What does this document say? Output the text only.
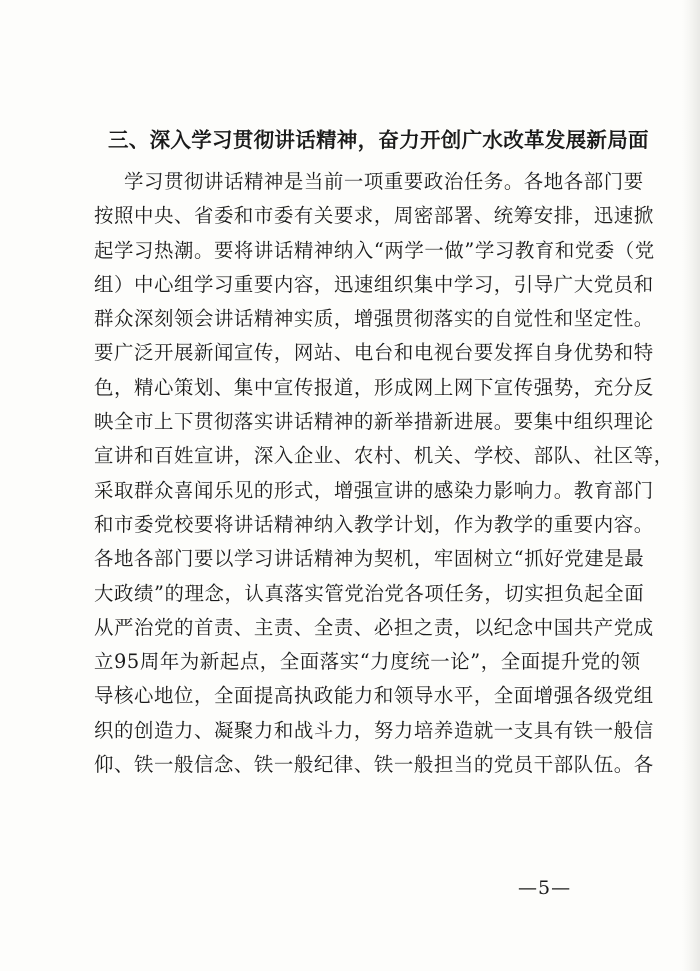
三、深入学习贯彻讲话精神，奋力开创广水改革发展新局面
学习贯彻讲话精神是当前一项重要政治任务。各地各部门要
按照中央、省委和市委有关要求，周密部署、统筹安排，迅速掀
起学习热潮。要将讲话精神纳入“两学一做”学习教育和党委（党
组）中心组学习重要内容，迅速组织集中学习，引导广大党员和
群众深刻领会讲话精神实质，增强贯彻落实的自觉性和坚定性。
要广泛开展新闻宣传，网站、电台和电视台要发挥自身优势和特
色，精心策划、集中宣传报道，形成网上网下宣传强势，充分反
映全市上下贯彻落实讲话精神的新举措新进展。要集中组织理论
宣讲和百姓宣讲，深入企业、农村、机关、学校、部队、社区等，
采取群众喜闻乐见的形式，增强宣讲的感染力影响力。教育部门
和市委党校要将讲话精神纳入教学计划，作为教学的重要内容。
各地各部门要以学习讲话精神为契机，牢固树立“抓好党建是最
大政绩”的理念，认真落实管党治党各项任务，切实担负起全面
从严治党的首责、主责、全责、必担之责，以纪念中国共产党成
立95周年为新起点，全面落实“力度统一论”，全面提升党的领
导核心地位，全面提高执政能力和领导水平，全面增强各级党组
织的创造力、凝聚力和战斗力，努力培养造就一支具有铁一般信
仰、铁一般信念、铁一般纪律、铁一般担当的党员干部队伍。各
—5—
